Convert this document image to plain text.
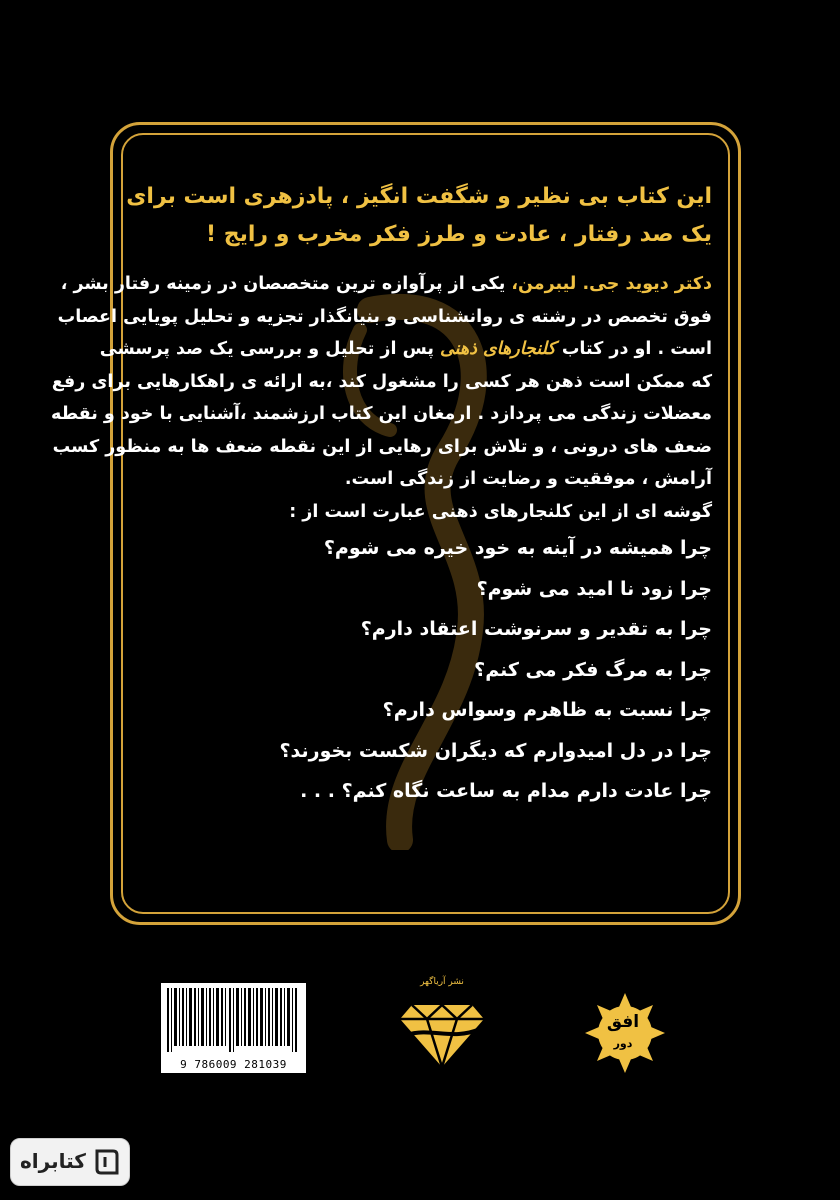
این کتاب بی نظیر و شگفت انگیز ، پادزهری است برای
یک صد رفتار ، عادت و طرز فکر مخرب و رایج !
دکتر دیوید جی. لیبرمن، یکی از پرآوازه ترین متخصصان در زمینه رفتار بشر ،
فوق تخصص در رشته ی روانشناسی و بنیانگذار تجزیه و تحلیل پویایی اعصاب
است . او در کتاب کلنجارهای ذهنی پس از تحلیل و بررسی یک صد پرسشی
که ممکن است ذهن هر کسی را مشغول کند ،به ارائه ی راهکارهایی برای رفع
معضلات زندگی می پردازد . ارمغان این کتاب ارزشمند ،آشنایی با خود و نقطه
ضعف های درونی ، و تلاش برای رهایی از این نقطه ضعف ها به منظور کسب
آرامش ، موفقیت و رضایت از زندگی است.
گوشه ای از این کلنجارهای ذهنی عبارت است از :
چرا همیشه در آینه به خود خیره می شوم؟
چرا زود نا امید می شوم؟
چرا به تقدیر و سرنوشت اعتقاد دارم؟
چرا به مرگ فکر می کنم؟
چرا نسبت به ظاهرم وسواس دارم؟
چرا در دل امیدوارم که دیگران شکست بخورند؟
چرا عادت دارم مدام به ساعت نگاه کنم؟ . . .
9 786009 281039
نشر آریاگهر
افق
دور
کتابراه
